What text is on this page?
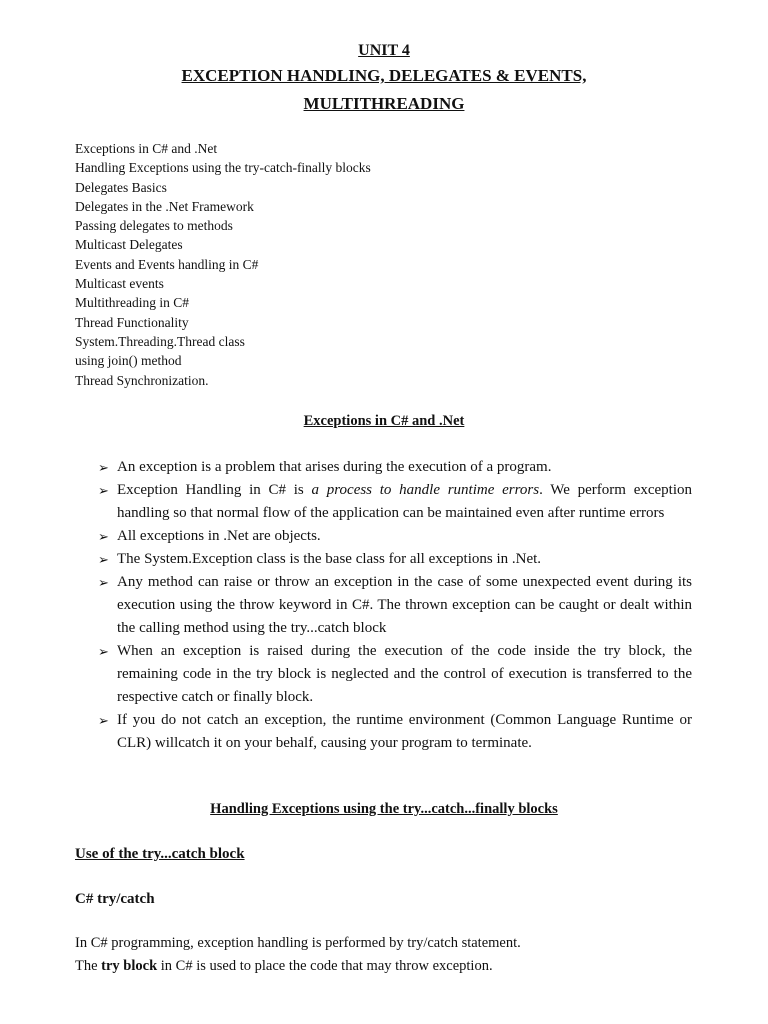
UNIT 4
EXCEPTION HANDLING, DELEGATES & EVENTS,
MULTITHREADING
Exceptions in C# and .Net
Handling Exceptions using the try-catch-finally blocks
Delegates Basics
Delegates in the .Net Framework
Passing delegates to methods
Multicast Delegates
Events and Events handling in C#
Multicast events
Multithreading in C#
Thread Functionality
System.Threading.Thread class
using join() method
Thread Synchronization.
Exceptions in C# and .Net
➢ An exception is a problem that arises during the execution of a program.
➢ Exception Handling in C# is a process to handle runtime errors. We perform exception handling so that normal flow of the application can be maintained even after runtime errors
➢ All exceptions in .Net are objects.
➢ The System.Exception class is the base class for all exceptions in .Net.
➢ Any method can raise or throw an exception in the case of some unexpected event during its execution using the throw keyword in C#. The thrown exception can be caught or dealt within the calling method using the try...catch block
➢ When an exception is raised during the execution of the code inside the try block, the remaining code in the try block is neglected and the control of execution is transferred to the respective catch or finally block.
➢ If you do not catch an exception, the runtime environment (Common Language Runtime or CLR) willcatch it on your behalf, causing your program to terminate.
Handling Exceptions using the try...catch...finally blocks
Use of the try...catch block
C# try/catch
In C# programming, exception handling is performed by try/catch statement.
The try block in C# is used to place the code that may throw exception.
